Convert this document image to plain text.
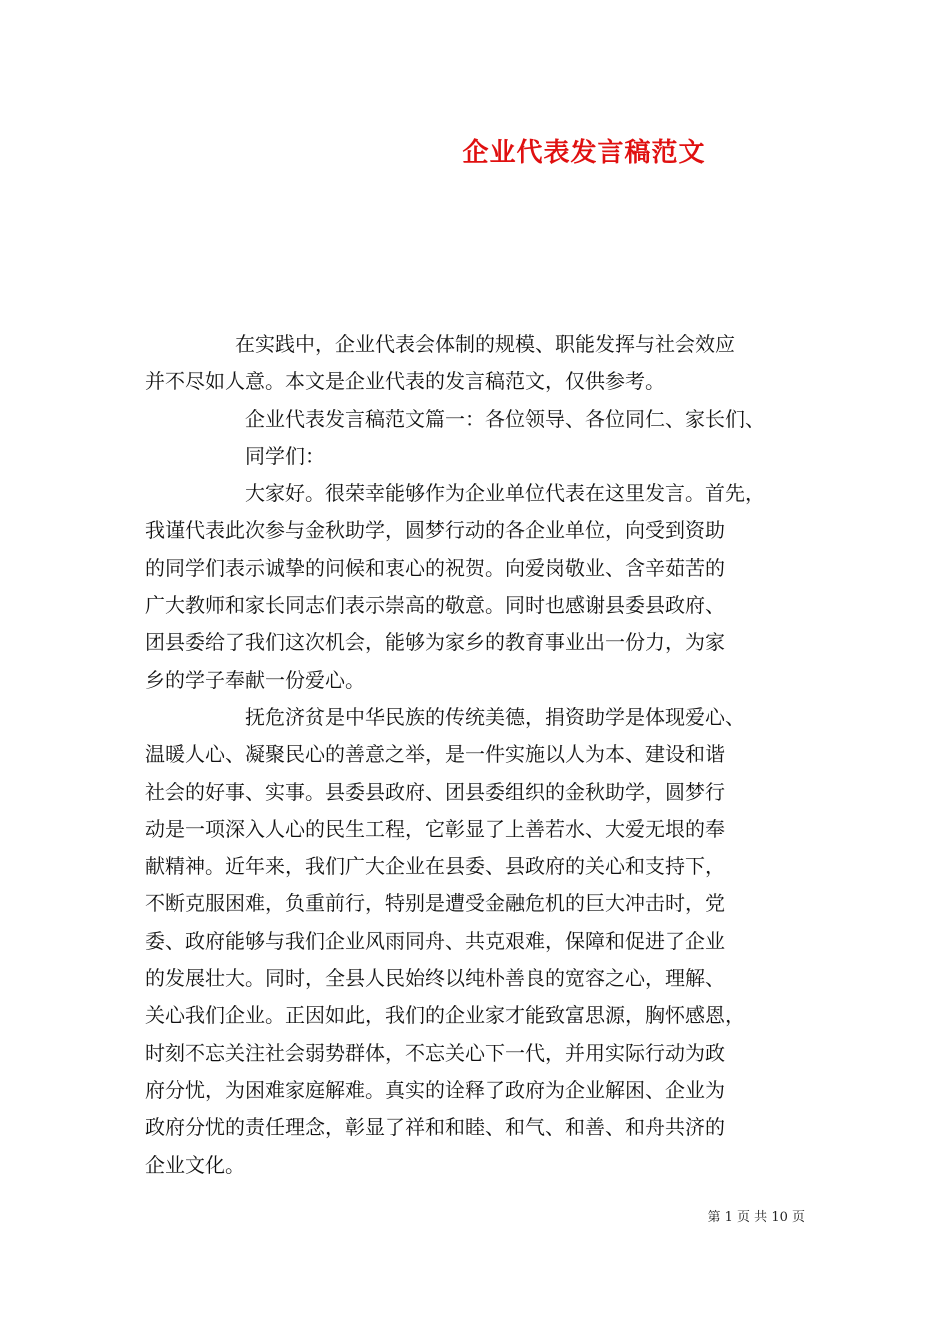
企业代表发言稿范文
在实践中，企业代表会体制的规模、职能发挥与社会效应
并不尽如人意。本文是企业代表的发言稿范文，仅供参考。
企业代表发言稿范文篇一：各位领导、各位同仁、家长们、
同学们：
大家好。很荣幸能够作为企业单位代表在这里发言。首先，
我谨代表此次参与金秋助学，圆梦行动的各企业单位，向受到资助
的同学们表示诚挚的问候和衷心的祝贺。向爱岗敬业、含辛茹苦的
广大教师和家长同志们表示崇高的敬意。同时也感谢县委县政府、
团县委给了我们这次机会，能够为家乡的教育事业出一份力，为家
乡的学子奉献一份爱心。
抚危济贫是中华民族的传统美德，捐资助学是体现爱心、
温暖人心、凝聚民心的善意之举，是一件实施以人为本、建设和谐
社会的好事、实事。县委县政府、团县委组织的金秋助学，圆梦行
动是一项深入人心的民生工程，它彰显了上善若水、大爱无垠的奉
献精神。近年来，我们广大企业在县委、县政府的关心和支持下，
不断克服困难，负重前行，特别是遭受金融危机的巨大冲击时，党
委、政府能够与我们企业风雨同舟、共克艰难，保障和促进了企业
的发展壮大。同时，全县人民始终以纯朴善良的宽容之心，理解、
关心我们企业。正因如此，我们的企业家才能致富思源，胸怀感恩，
时刻不忘关注社会弱势群体，不忘关心下一代，并用实际行动为政
府分忧，为困难家庭解难。真实的诠释了政府为企业解困、企业为
政府分忧的责任理念，彰显了祥和和睦、和气、和善、和舟共济的
企业文化。
第 1 页 共 10 页
